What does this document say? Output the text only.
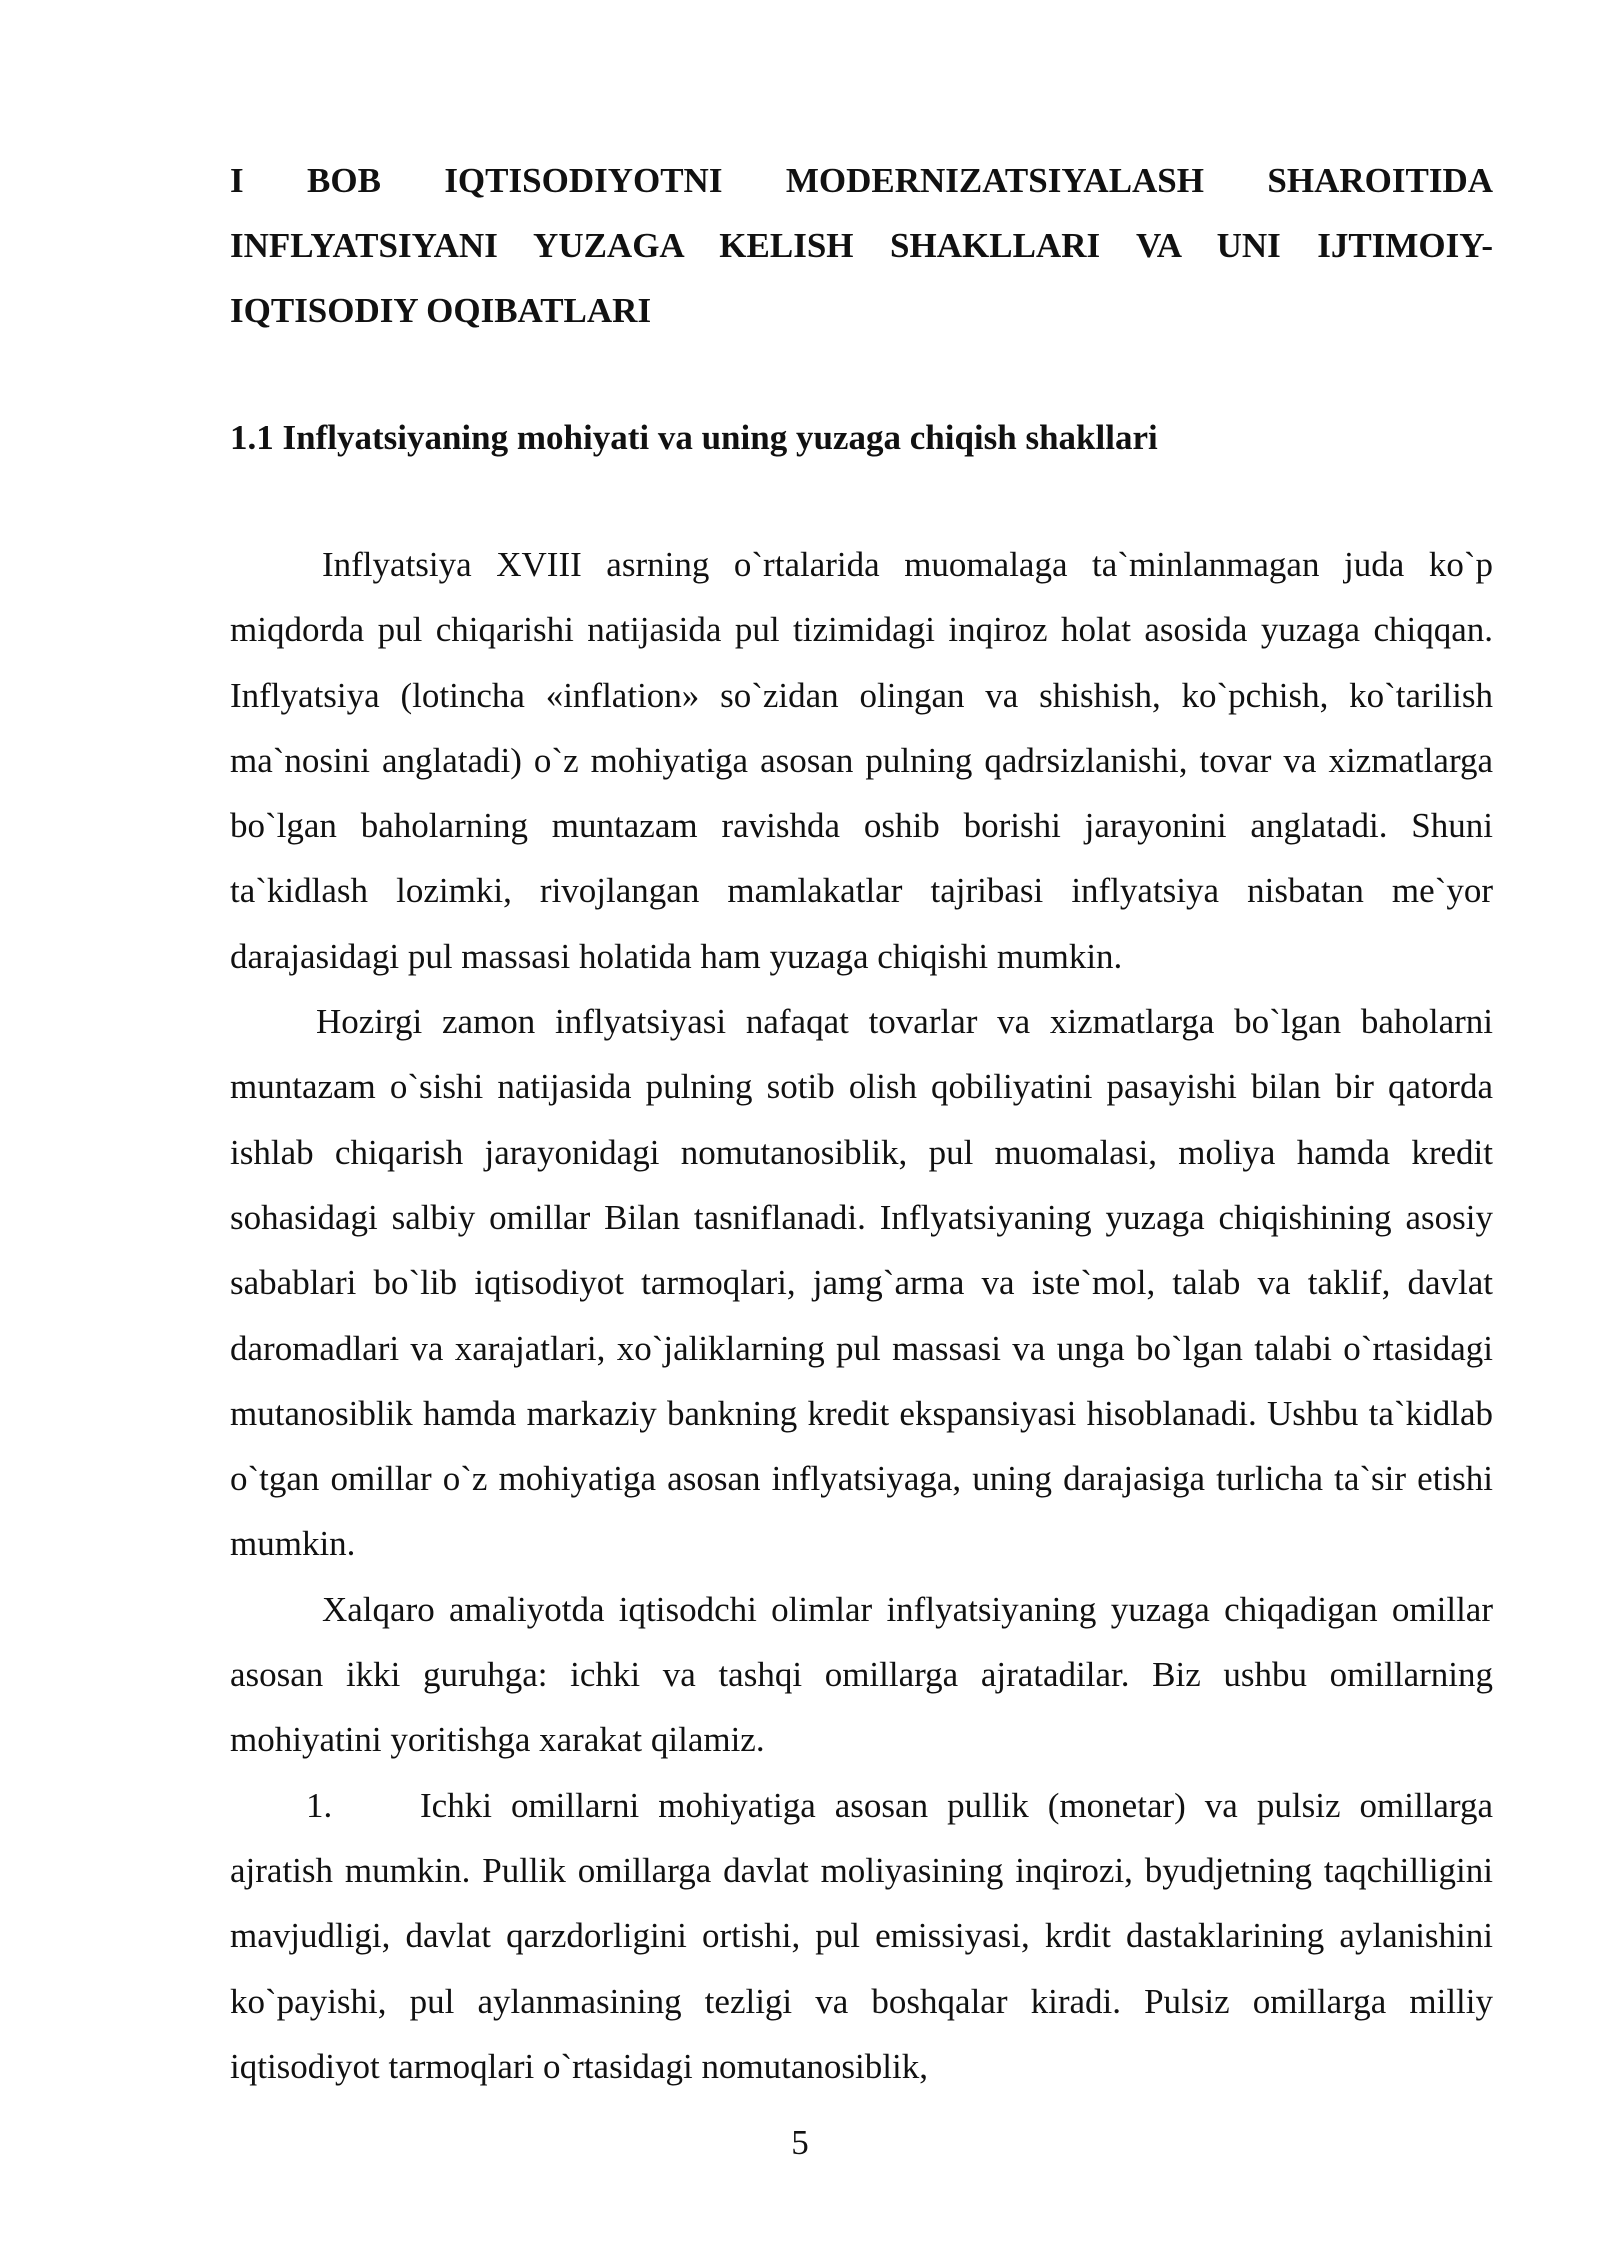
I BOB IQTISODIYOTNI MODERNIZATSIYALASH SHAROITIDA INFLYATSIYANI YUZAGA KELISH SHAKLLARI VA UNI IJTIMOIY-IQTISODIY OQIBATLARI
1.1 Inflyatsiyaning mohiyati va uning yuzaga chiqish shakllari

Inflyatsiya XVIII asrning o`rtalarida muomalaga ta`minlanmagan juda ko`p miqdorda pul chiqarishi natijasida pul tizimidagi inqiroz holat asosida yuzaga chiqqan. Inflyatsiya (lotincha «inflation» so`zidan olingan va shishish, ko`pchish, ko`tarilish ma`nosini anglatadi) o`z mohiyatiga asosan pulning qadrsizlanishi, tovar va xizmatlarga bo`lgan baholarning muntazam ravishda oshib borishi jarayonini anglatadi. Shuni ta`kidlash lozimki, rivojlangan mamlakatlar tajribasi inflyatsiya nisbatan me`yor darajasidagi pul massasi holatida ham yuzaga chiqishi mumkin.

Hozirgi zamon inflyatsiyasi nafaqat tovarlar va xizmatlarga bo`lgan baholarni muntazam o`sishi natijasida pulning sotib olish qobiliyatini pasayishi bilan bir qatorda ishlab chiqarish jarayonidagi nomutanosiblik, pul muomalasi, moliya hamda kredit sohasidagi salbiy omillar Bilan tasniflanadi. Inflyatsiyaning yuzaga chiqishining asosiy sabablari bo`lib iqtisodiyot tarmoqlari, jamg`arma va iste`mol, talab va taklif, davlat daromadlari va xarajatlari, xo`jaliklarning pul massasi va unga bo`lgan talabi o`rtasidagi mutanosiblik hamda markaziy bankning kredit ekspansiyasi hisoblanadi. Ushbu ta`kidlab o`tgan omillar o`z mohiyatiga asosan inflyatsiyaga, uning darajasiga turlicha ta`sir etishi mumkin.

Xalqaro amaliyotda iqtisodchi olimlar inflyatsiyaning yuzaga chiqadigan omillar asosan ikki guruhga: ichki va tashqi omillarga ajratadilar. Biz ushbu omillarning mohiyatini yoritishga xarakat qilamiz.

1.	Ichki omillarni mohiyatiga asosan pullik (monetar) va pulsiz omillarga ajratish mumkin. Pullik omillarga davlat moliyasining inqirozi, byudjetning taqchilligini mavjudligi, davlat qarzdorligini ortishi, pul emissiyasi, krdit dastaklarining aylanishini ko`payishi, pul aylanmasining tezligi va boshqalar kiradi. Pulsiz omillarga milliy iqtisodiyot tarmoqlari o`rtasidagi nomutanosiblik,

5
